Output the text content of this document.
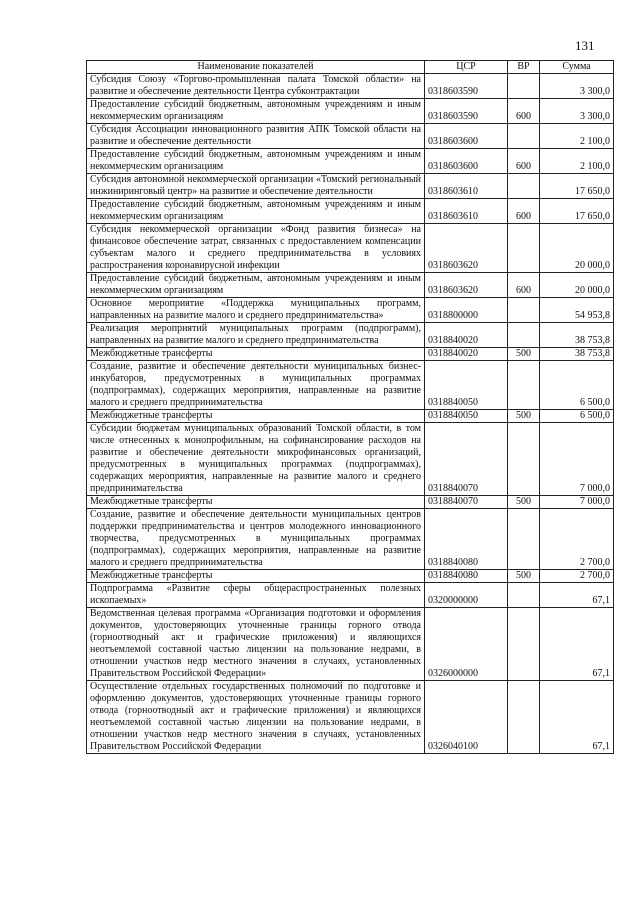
131
Наименование показателей	ЦСР	ВР	Сумма
Субсидия Союзу «Торгово-промышленная палата Томской области» на развитие и обеспечение деятельности Центра субконтрактации	0318603590		3 300,0
Предоставление субсидий бюджетным, автономным учреждениям и иным некоммерческим организациям	0318603590	600	3 300,0
Субсидия Ассоциации инновационного развития АПК Томской области на развитие и обеспечение деятельности	0318603600		2 100,0
Предоставление субсидий бюджетным, автономным учреждениям и иным некоммерческим организациям	0318603600	600	2 100,0
Субсидия автономной некоммерческой организации «Томский региональный инжиниринговый центр» на развитие и обеспечение деятельности	0318603610		17 650,0
Предоставление субсидий бюджетным, автономным учреждениям и иным некоммерческим организациям	0318603610	600	17 650,0
Субсидия некоммерческой организации «Фонд развития бизнеса» на финансовое обеспечение затрат, связанных с предоставлением компенсации субъектам малого и среднего предпринимательства в условиях распространения коронавирусной инфекции	0318603620		20 000,0
Предоставление субсидий бюджетным, автономным учреждениям и иным некоммерческим организациям	0318603620	600	20 000,0
Основное мероприятие «Поддержка муниципальных программ, направленных на развитие малого и среднего предпринимательства»	0318800000		54 953,8
Реализация мероприятий муниципальных программ (подпрограмм), направленных на развитие малого и среднего предпринимательства	0318840020		38 753,8
Межбюджетные трансферты	0318840020	500	38 753,8
Создание, развитие и обеспечение деятельности муниципальных бизнес-инкубаторов, предусмотренных в муниципальных программах (подпрограммах), содержащих мероприятия, направленные на развитие малого и среднего предпринимательства	0318840050		6 500,0
Межбюджетные трансферты	0318840050	500	6 500,0
Субсидии бюджетам муниципальных образований Томской области, в том числе отнесенных к монопрофильным, на софинансирование расходов на развитие и обеспечение деятельности микрофинансовых организаций, предусмотренных в муниципальных программах (подпрограммах), содержащих мероприятия, направленные на развитие малого и среднего предпринимательства	0318840070		7 000,0
Межбюджетные трансферты	0318840070	500	7 000,0
Создание, развитие и обеспечение деятельности муниципальных центров поддержки предпринимательства и центров молодежного инновационного творчества, предусмотренных в муниципальных программах (подпрограммах), содержащих мероприятия, направленные на развитие малого и среднего предпринимательства	0318840080		2 700,0
Межбюджетные трансферты	0318840080	500	2 700,0
Подпрограмма «Развитие сферы общераспространенных полезных ископаемых»	0320000000		67,1
Ведомственная целевая программа «Организация подготовки и оформления документов, удостоверяющих уточненные границы горного отвода (горноотводный акт и графические приложения) и являющихся неотъемлемой составной частью лицензии на пользование недрами, в отношении участков недр местного значения в случаях, установленных Правительством Российской Федерации»	0326000000		67,1
Осуществление отдельных государственных полномочий по подготовке и оформлению документов, удостоверяющих уточненные границы горного отвода (горноотводный акт и графические приложения) и являющихся неотъемлемой составной частью лицензии на пользование недрами, в отношении участков недр местного значения в случаях, установленных Правительством Российской Федерации	0326040100		67,1
